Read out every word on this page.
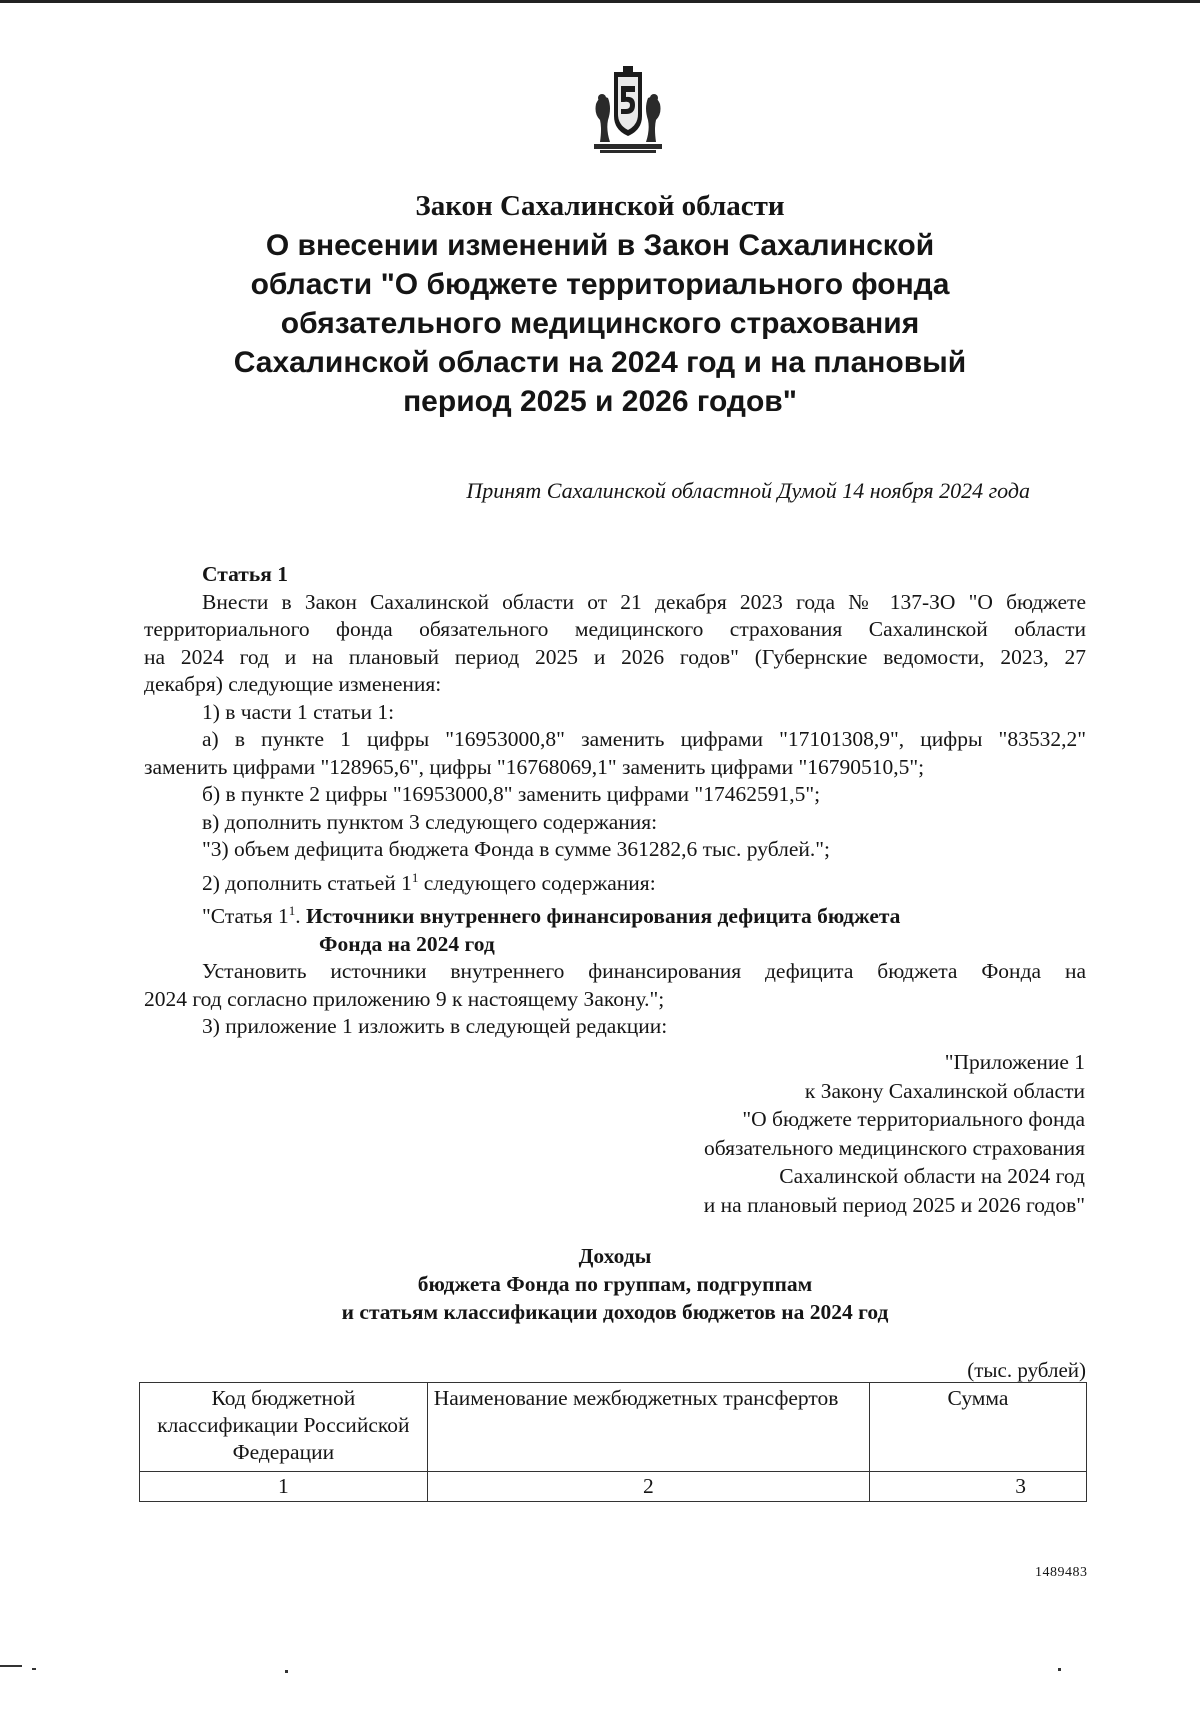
Закон Сахалинской области
О внесении изменений в Закон Сахалинской
области "О бюджете территориального фонда
обязательного медицинского страхования
Сахалинской области на 2024 год и на плановый
период 2025 и 2026 годов"
Принят Сахалинской областной Думой 14 ноября 2024 года
Статья 1
Внести в Закон Сахалинской области от 21 декабря 2023 года № 137-ЗО "О бюджете
территориального фонда обязательного медицинского страхования Сахалинской области
на 2024 год и на плановый период 2025 и 2026 годов" (Губернские ведомости, 2023, 27
декабря) следующие изменения:
1) в части 1 статьи 1:
а) в пункте 1 цифры "16953000,8" заменить цифрами "17101308,9", цифры "83532,2"
заменить цифрами "128965,6", цифры "16768069,1" заменить цифрами "16790510,5";
б) в пункте 2 цифры "16953000,8" заменить цифрами "17462591,5";
в) дополнить пунктом 3 следующего содержания:
"3) объем дефицита бюджета Фонда в сумме 361282,6 тыс. рублей.";
2) дополнить статьей $1^1$ следующего содержания:
"Статья $1^1$. Источники внутреннего финансирования дефицита бюджета
Фонда на 2024 год
Установить источники внутреннего финансирования дефицита бюджета Фонда на
2024 год согласно приложению 9 к настоящему Закону.";
3) приложение 1 изложить в следующей редакции:
"Приложение 1
к Закону Сахалинской области
"О бюджете территориального фонда
обязательного медицинского страхования
Сахалинской области на 2024 год
и на плановый период 2025 и 2026 годов"
Доходы
бюджета Фонда по группам, подгруппам
и статьям классификации доходов бюджетов на 2024 год
(тыс. рублей)
Код бюджетной классификации Российской Федерации	Наименование межбюджетных трансфертов	Сумма
1	2	3
1489483
